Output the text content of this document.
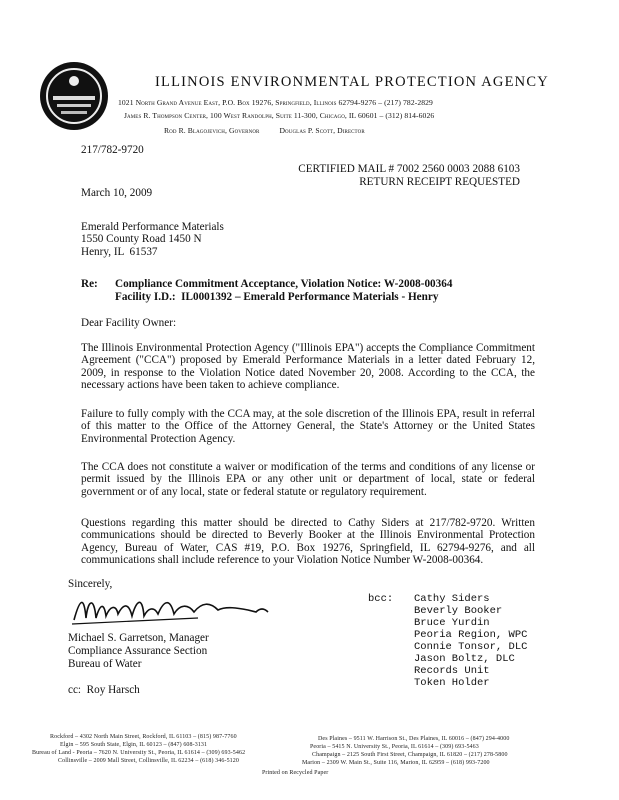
ILLINOIS ENVIRONMENTAL PROTECTION AGENCY
1021 North Grand Avenue East, P.O. Box 19276, Springfield, Illinois 62794-9276 – (217) 782-2829
James R. Thompson Center, 100 West Randolph, Suite 11-300, Chicago, IL 60601 – (312) 814-6026
Rod R. Blagojevich, Governor          Douglas P. Scott, Director
217/782-9720
CERTIFIED MAIL # 7002 2560 0003 2088 6103
RETURN RECEIPT REQUESTED
March 10, 2009
Emerald Performance Materials
1550 County Road 1450 N
Henry, IL  61537
Re: Compliance Commitment Acceptance, Violation Notice: W-2008-00364
Facility I.D.:  IL0001392 – Emerald Performance Materials - Henry
Dear Facility Owner:
The Illinois Environmental Protection Agency ("Illinois EPA") accepts the Compliance Commitment Agreement ("CCA") proposed by Emerald Performance Materials in a letter dated February 12, 2009, in response to the Violation Notice dated November 20, 2008. According to the CCA, the necessary actions have been taken to achieve compliance.
Failure to fully comply with the CCA may, at the sole discretion of the Illinois EPA, result in referral of this matter to the Office of the Attorney General, the State's Attorney or the United States Environmental Protection Agency.
The CCA does not constitute a waiver or modification of the terms and conditions of any license or permit issued by the Illinois EPA or any other unit or department of local, state or federal government or of any local, state or federal statute or regulatory requirement.
Questions regarding this matter should be directed to Cathy Siders at 217/782-9720. Written communications should be directed to Beverly Booker at the Illinois Environmental Protection Agency, Bureau of Water, CAS #19, P.O. Box 19276, Springfield, IL 62794-9276, and all communications shall include reference to your Violation Notice Number W-2008-00364.
Sincerely,
Michael S. Garretson, Manager
Compliance Assurance Section
Bureau of Water
cc:  Roy Harsch
bcc: Cathy Siders
Beverly Booker
Bruce Yurdin
Peoria Region, WPC
Connie Tonsor, DLC
Jason Boltz, DLC
Records Unit
Token Holder
Rockford – 4302 North Main Street, Rockford, IL 61103 – (815) 987-7760	Des Plaines – 9511 W. Harrison St., Des Plaines, IL 60016 – (847) 294-4000
Elgin – 595 South State, Elgin, IL 60123 – (847) 608-3131	Peoria – 5415 N. University St., Peoria, IL 61614 – (309) 693-5463
Bureau of Land - Peoria – 7620 N. University St., Peoria, IL 61614 – (309) 693-5462	Champaign – 2125 South First Street, Champaign, IL 61820 – (217) 278-5800
Collinsville – 2009 Mall Street, Collinsville, IL 62234 – (618) 346-5120	Marion – 2309 W. Main St., Suite 116, Marion, IL 62959 – (618) 993-7200
Printed on Recycled Paper
